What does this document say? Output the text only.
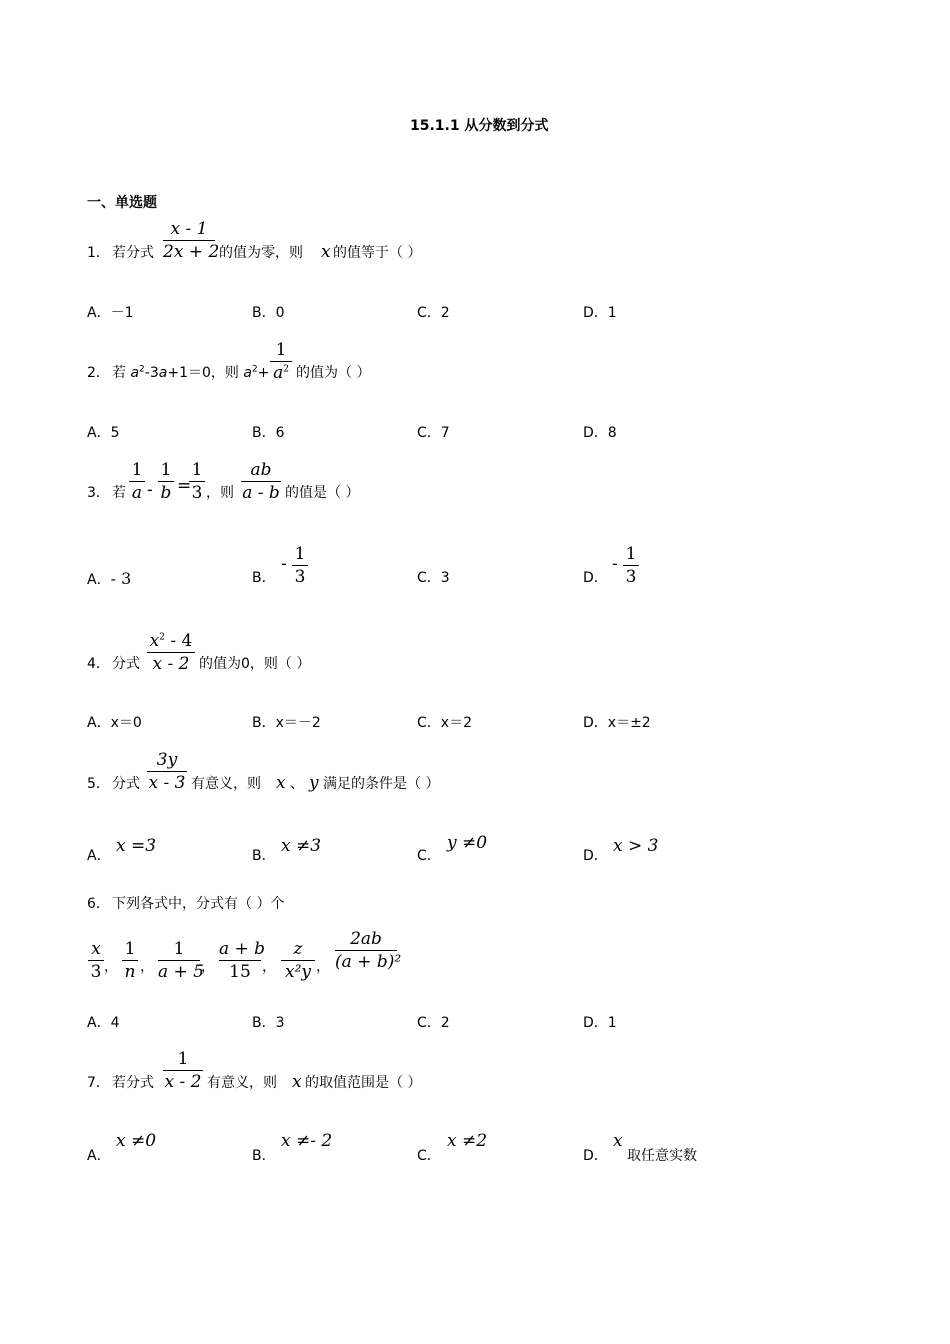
15.1.1 从分数到分式
一、单选题
1． 若分式
x - 1
2x + 2 的值为零，则 x 的值等于（ ）
A．－1	B．0	C．2	D．1
2． 若 $a^2-3a+1=0$，则 $a^2+$
1
$a^2$ 的值为（ ）
A．5	B．6	C．7	D．8
3． 若
1
a -
1
b =
1
3 ，则
ab
a - b 的值是（ ）
A．- 3	B．
- 1
3	C．3	D．
- 1
3
4． 分式
$x^2 - 4$
x - 2 的值为0，则（ ）
A．x＝0	B．x＝－2	C．x＝2	D．x＝±2
5． 分式
3y
x - 3 有意义，则 x 、 y 满足的条件是（ ）
A． x =3	B． x ≠3	C．
y ≠0
D． x > 3
6． 下列各式中，分式有（ ）个
x
3 ，
1
n ，
1
a + 5
，
a + b
15 ，
z
x²y ，
2ab
(a + b)²
A．4	B．3	C．2	D．1
7． 若分式
1
x - 2 有意义，则 x 的取值范围是（ ）
A．
x ≠0
B．
x ≠- 2
C．
x ≠2
D．
x
取任意实数
